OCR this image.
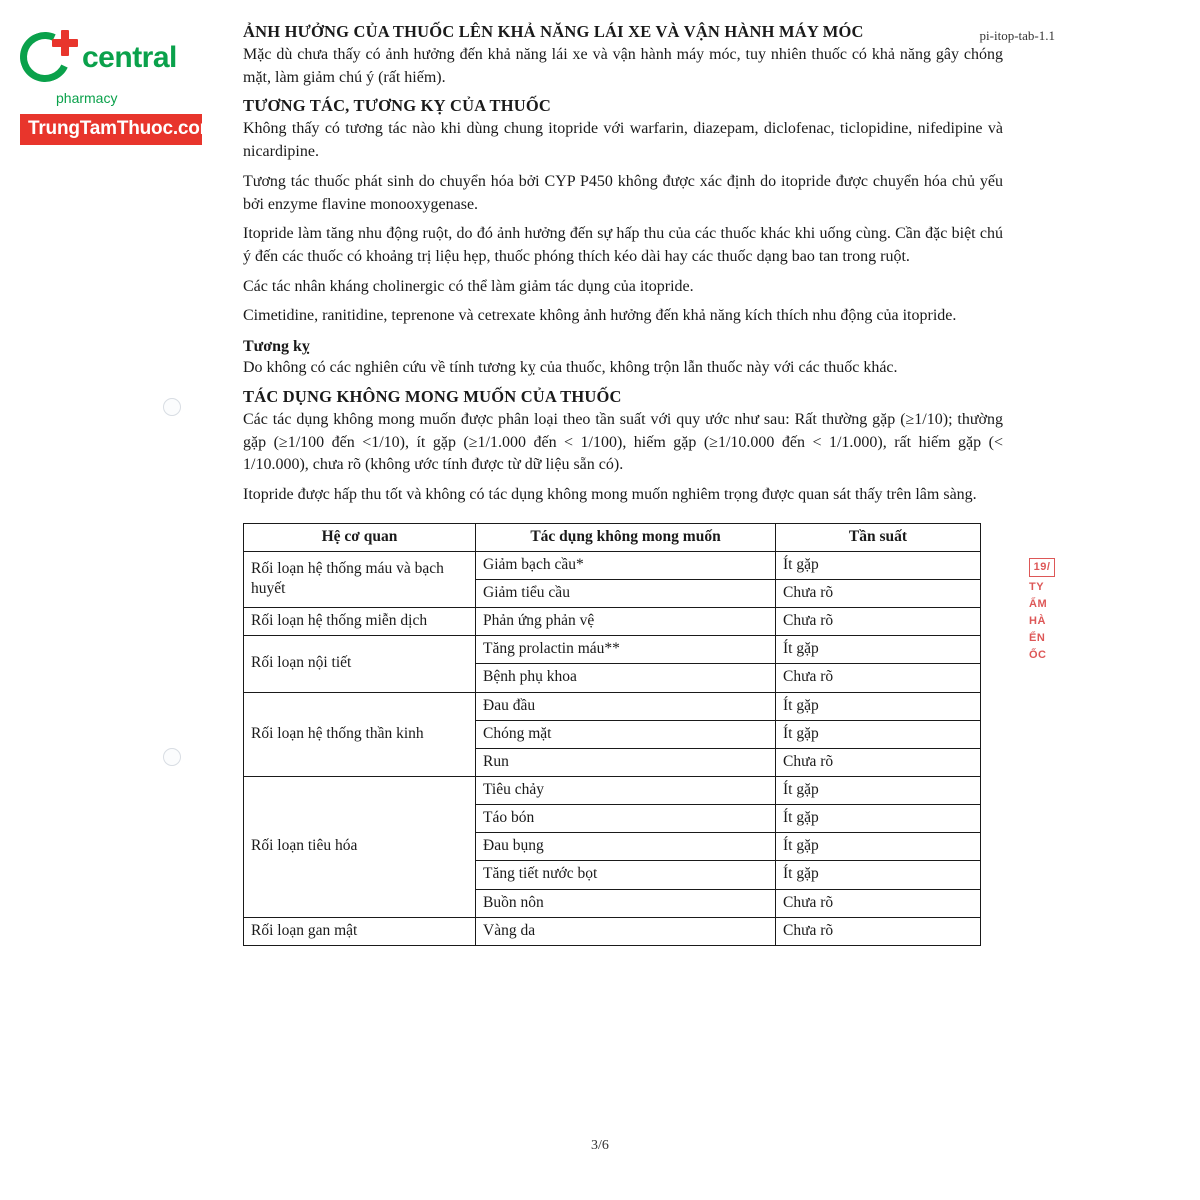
central
pharmacy
TrungTamThuoc.com
pi-itop-tab-1.1
19/
TY
ẨM
HÀ
ỂN
ỐC
ẢNH HƯỞNG CỦA THUỐC LÊN KHẢ NĂNG LÁI XE VÀ VẬN HÀNH MÁY MÓC

Mặc dù chưa thấy có ảnh hưởng đến khả năng lái xe và vận hành máy móc, tuy nhiên thuốc có khả năng gây chóng mặt, làm giảm chú ý (rất hiếm).

TƯƠNG TÁC, TƯƠNG KỴ CỦA THUỐC

Không thấy có tương tác nào khi dùng chung itopride với warfarin, diazepam, diclofenac, ticlopidine, nifedipine và nicardipine.

Tương tác thuốc phát sinh do chuyển hóa bởi CYP P450 không được xác định do itopride được chuyển hóa chủ yếu bởi enzyme flavine monooxygenase.

Itopride làm tăng nhu động ruột, do đó ảnh hưởng đến sự hấp thu của các thuốc khác khi uống cùng. Cần đặc biệt chú ý đến các thuốc có khoảng trị liệu hẹp, thuốc phóng thích kéo dài hay các thuốc dạng bao tan trong ruột.

Các tác nhân kháng cholinergic có thể làm giảm tác dụng của itopride.

Cimetidine, ranitidine, teprenone và cetrexate không ảnh hưởng đến khả năng kích thích nhu động của itopride.

Tương kỵ

Do không có các nghiên cứu về tính tương kỵ của thuốc, không trộn lẫn thuốc này với các thuốc khác.

TÁC DỤNG KHÔNG MONG MUỐN CỦA THUỐC

Các tác dụng không mong muốn được phân loại theo tần suất với quy ước như sau: Rất thường gặp (≥1/10); thường gặp (≥1/100 đến <1/10), ít gặp (≥1/1.000 đến < 1/100), hiếm gặp (≥1/10.000 đến < 1/1.000), rất hiếm gặp (< 1/10.000), chưa rõ (không ước tính được từ dữ liệu sẵn có).

Itopride được hấp thu tốt và không có tác dụng không mong muốn nghiêm trọng được quan sát thấy trên lâm sàng.

Hệ cơ quan	Tác dụng không mong muốn	Tần suất
Rối loạn hệ thống máu và bạch huyết	Giảm bạch cầu*	Ít gặp
	Giảm tiểu cầu	Chưa rõ
Rối loạn hệ thống miễn dịch	Phản ứng phản vệ	Chưa rõ
Rối loạn nội tiết	Tăng prolactin máu**	Ít gặp
	Bệnh phụ khoa	Chưa rõ
Rối loạn hệ thống thần kinh	Đau đầu	Ít gặp
	Chóng mặt	Ít gặp
	Run	Chưa rõ
Rối loạn tiêu hóa	Tiêu chảy	Ít gặp
	Táo bón	Ít gặp
	Đau bụng	Ít gặp
	Tăng tiết nước bọt	Ít gặp
	Buồn nôn	Chưa rõ
Rối loạn gan mật	Vàng da	Chưa rõ
3/6
